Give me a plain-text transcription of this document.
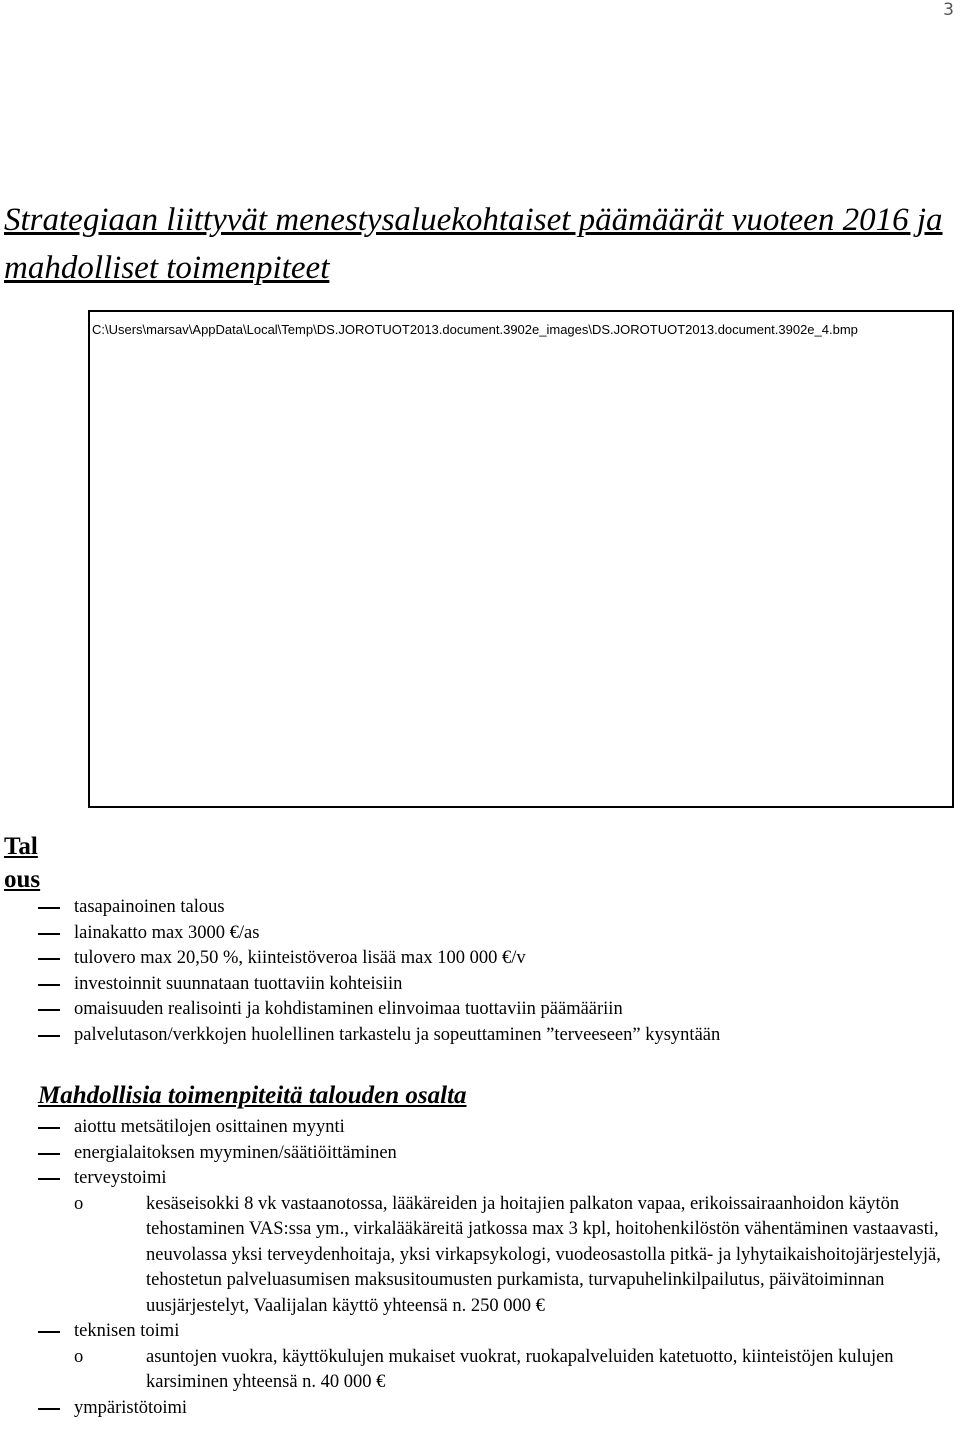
3
Strategiaan liittyvät menestysaluekohtaiset päämäärät vuoteen 2016 ja mahdolliset toimenpiteet
C:\Users\marsav\AppData\Local\Temp\DS.JOROTUOT2013.document.3902e_images\DS.JOROTUOT2013.document.3902e_4.bmp
Tal
ous
tasapainoinen talous
lainakatto max 3000 €/as
tulovero max 20,50 %, kiinteistöveroa lisää max 100 000 €/v
investoinnit suunnataan tuottaviin kohteisiin
omaisuuden realisointi ja kohdistaminen elinvoimaa tuottaviin päämääriin
palvelutason/verkkojen huolellinen tarkastelu ja sopeuttaminen ”terveeseen” kysyntään
Mahdollisia toimenpiteitä talouden osalta
aiottu metsätilojen osittainen myynti
energialaitoksen myyminen/säätiöittäminen
terveystoimi
o	kesäseisokki 8 vk vastaanotossa, lääkäreiden ja hoitajien palkaton vapaa, erikoissairaanhoidon käytön tehostaminen VAS:ssa ym., virkalääkäreitä jatkossa max 3 kpl, hoitohenkilöstön vähentäminen vastaavasti, neuvolassa yksi terveydenhoitaja, yksi virkapsykologi, vuodeosastolla pitkä- ja lyhytaikaishoitojärjestelyjä, tehostetun palveluasumisen maksusitoumusten purkamista, turvapuhelinkilpailutus, päivätoiminnan uusjärjestelyt, Vaalijalan käyttö yhteensä n. 250 000 €
teknisen toimi
o	asuntojen vuokra, käyttökulujen mukaiset vuokrat, ruokapalveluiden katetuotto, kiinteistöjen kulujen karsiminen yhteensä n. 40 000 €
ympäristötoimi
